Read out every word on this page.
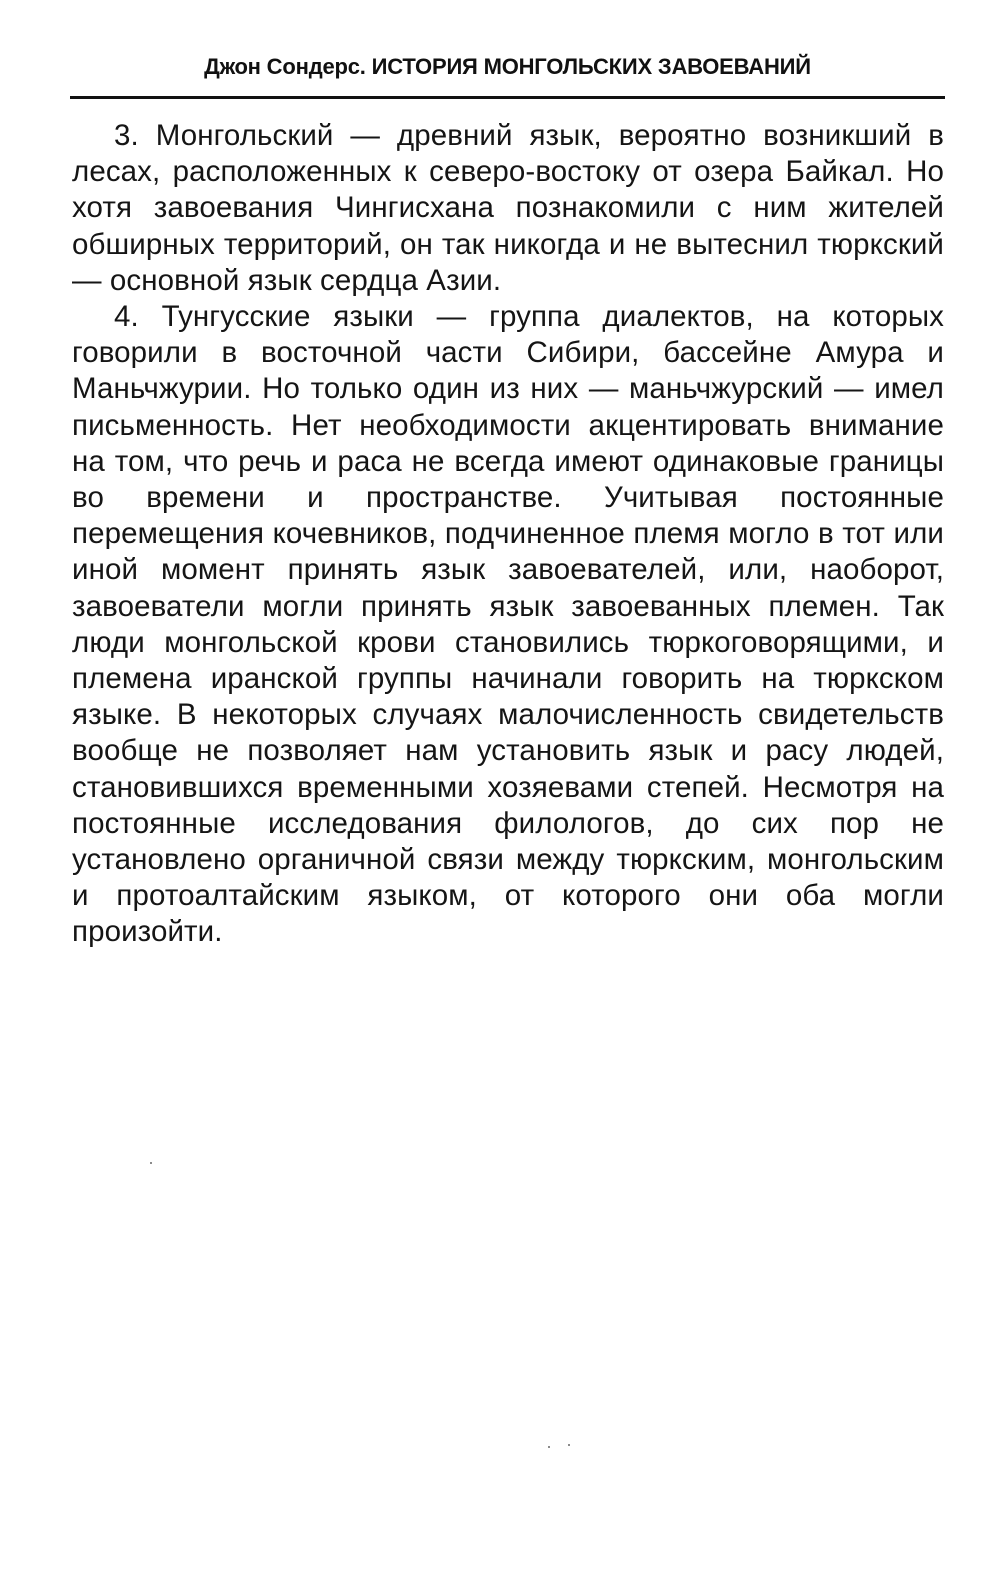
Джон Сондерс. ИСТОРИЯ МОНГОЛЬСКИХ ЗАВОЕВАНИЙ

3. Монгольский — древний язык, вероятно возникший в лесах, расположенных к северо-востоку от озера Байкал. Но хотя завоевания Чингисхана познакомили с ним жителей обширных территорий, он так никогда и не вытеснил тюркский — основной язык сердца Азии.

4. Тунгусские языки — группа диалектов, на которых говорили в восточной части Сибири, бассейне Амура и Маньчжурии. Но только один из них — маньчжурский — имел письменность. Нет необходимости акцентировать внимание на том, что речь и раса не всегда имеют одинаковые границы во времени и пространстве. Учитывая постоянные перемещения кочевников, подчиненное племя могло в тот или иной момент принять язык завоевателей, или, наоборот, завоеватели могли принять язык завоеванных племен. Так люди монгольской крови становились тюркоговорящими, и племена иранской группы начинали говорить на тюркском языке. В некоторых случаях малочисленность свидетельств вообще не позволяет нам установить язык и расу людей, становившихся временными хозяевами степей. Несмотря на постоянные исследования филологов, до сих пор не установлено органичной связи между тюркским, монгольским и протоалтайским языком, от которого они оба могли произойти.
